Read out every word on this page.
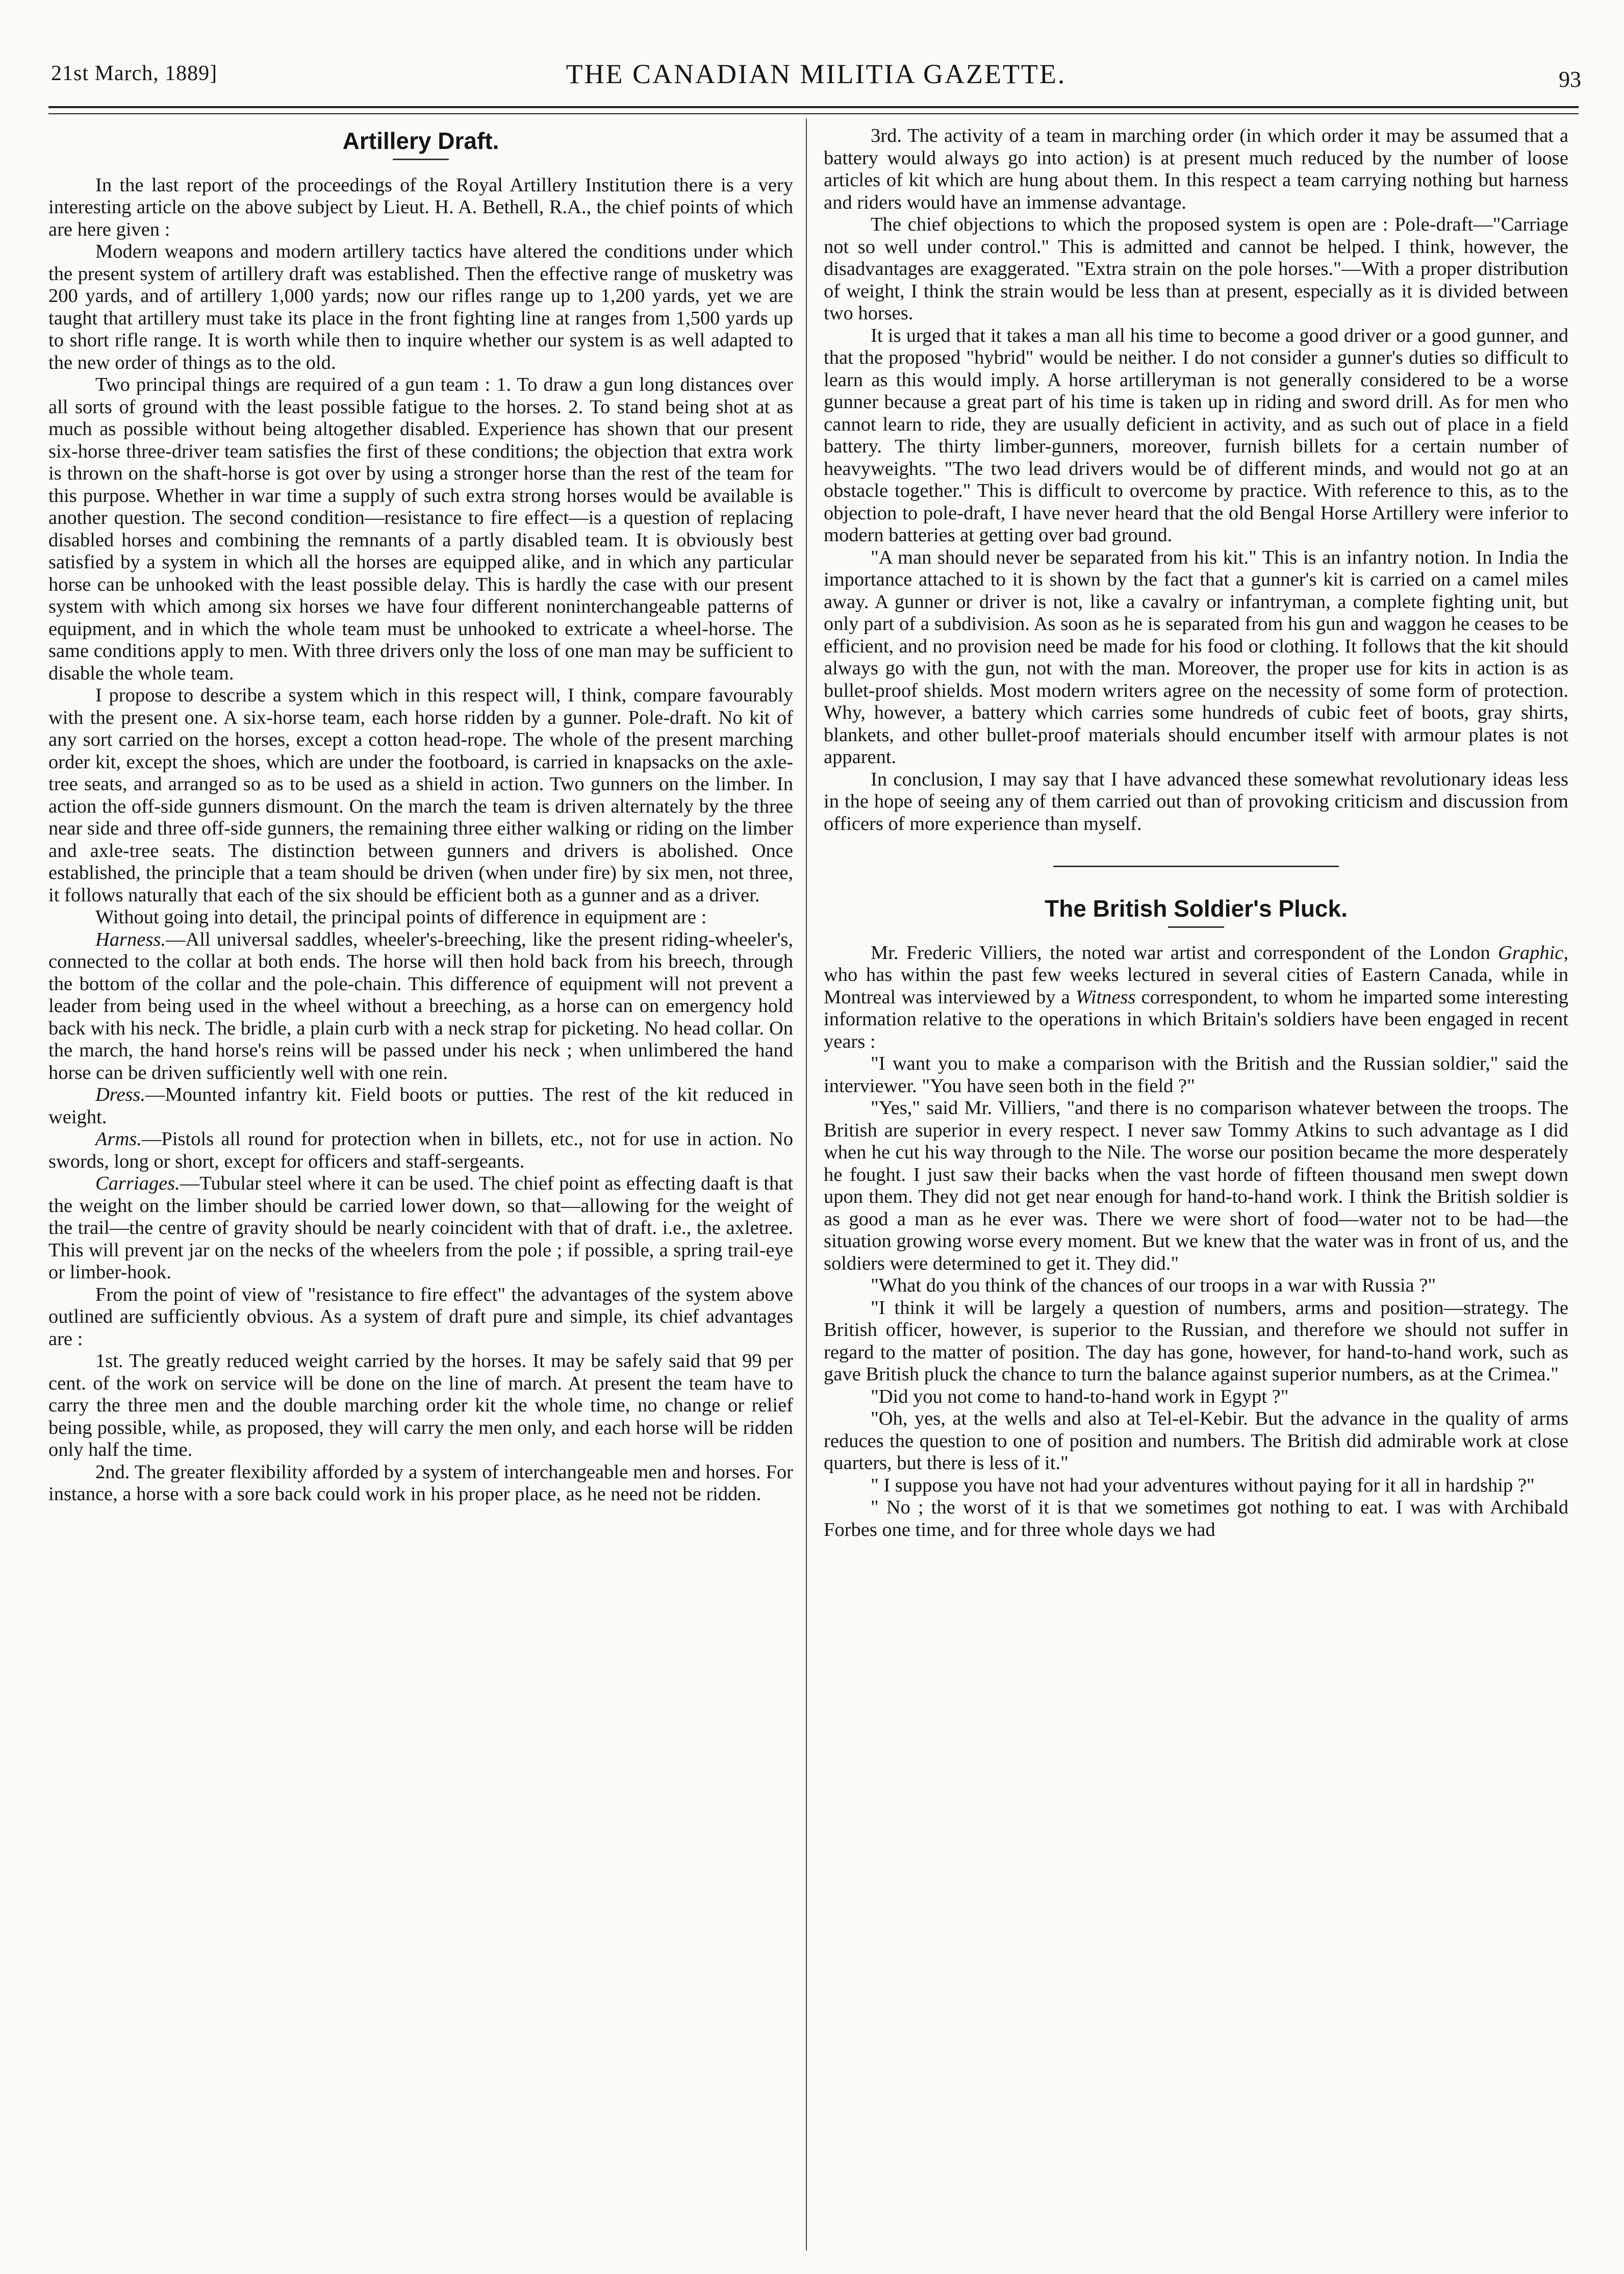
21st March, 1889]	THE CANADIAN MILITIA GAZETTE.	93
Artillery Draft.

In the last report of the proceedings of the Royal Artillery Institution there is a very interesting article on the above subject by Lieut. H. A. Bethell, R.A., the chief points of which are here given :

Modern weapons and modern artillery tactics have altered the conditions under which the present system of artillery draft was established. Then the effective range of musketry was 200 yards, and of artillery 1,000 yards; now our rifles range up to 1,200 yards, yet we are taught that artillery must take its place in the front fighting line at ranges from 1,500 yards up to short rifle range. It is worth while then to inquire whether our system is as well adapted to the new order of things as to the old.

Two principal things are required of a gun team : 1. To draw a gun long distances over all sorts of ground with the least possible fatigue to the horses. 2. To stand being shot at as much as possible without being altogether disabled. Experience has shown that our present six-horse three-driver team satisfies the first of these conditions; the objection that extra work is thrown on the shaft-horse is got over by using a stronger horse than the rest of the team for this purpose. Whether in war time a supply of such extra strong horses would be available is another question. The second condition—resistance to fire effect—is a question of replacing disabled horses and combining the remnants of a partly disabled team. It is obviously best satisfied by a system in which all the horses are equipped alike, and in which any particular horse can be unhooked with the least possible delay. This is hardly the case with our present system with which among six horses we have four different noninterchangeable patterns of equipment, and in which the whole team must be unhooked to extricate a wheel-horse. The same conditions apply to men. With three drivers only the loss of one man may be sufficient to disable the whole team.

I propose to describe a system which in this respect will, I think, compare favourably with the present one. A six-horse team, each horse ridden by a gunner. Pole-draft. No kit of any sort carried on the horses, except a cotton head-rope. The whole of the present marching order kit, except the shoes, which are under the footboard, is carried in knapsacks on the axle-tree seats, and arranged so as to be used as a shield in action. Two gunners on the limber. In action the off-side gunners dismount. On the march the team is driven alternately by the three near side and three off-side gunners, the remaining three either walking or riding on the limber and axle-tree seats. The distinction between gunners and drivers is abolished. Once established, the principle that a team should be driven (when under fire) by six men, not three, it follows naturally that each of the six should be efficient both as a gunner and as a driver.

Without going into detail, the principal points of difference in equipment are :

Harness.—All universal saddles, wheeler's-breeching, like the present riding-wheeler's, connected to the collar at both ends. The horse will then hold back from his breech, through the bottom of the collar and the pole-chain. This difference of equipment will not prevent a leader from being used in the wheel without a breeching, as a horse can on emergency hold back with his neck. The bridle, a plain curb with a neck strap for picketing. No head collar. On the march, the hand horse's reins will be passed under his neck ; when unlimbered the hand horse can be driven sufficiently well with one rein.

Dress.—Mounted infantry kit. Field boots or putties. The rest of the kit reduced in weight.

Arms.—Pistols all round for protection when in billets, etc., not for use in action. No swords, long or short, except for officers and staff-sergeants.

Carriages.—Tubular steel where it can be used. The chief point as effecting daaft is that the weight on the limber should be carried lower down, so that—allowing for the weight of the trail—the centre of gravity should be nearly coincident with that of draft. i.e., the axletree. This will prevent jar on the necks of the wheelers from the pole ; if possible, a spring trail-eye or limber-hook.

From the point of view of "resistance to fire effect" the advantages of the system above outlined are sufficiently obvious. As a system of draft pure and simple, its chief advantages are :

1st. The greatly reduced weight carried by the horses. It may be safely said that 99 per cent. of the work on service will be done on the line of march. At present the team have to carry the three men and the double marching order kit the whole time, no change or relief being possible, while, as proposed, they will carry the men only, and each horse will be ridden only half the time.

2nd. The greater flexibility afforded by a system of interchangeable men and horses. For instance, a horse with a sore back could work in his proper place, as he need not be ridden.

3rd. The activity of a team in marching order (in which order it may be assumed that a battery would always go into action) is at present much reduced by the number of loose articles of kit which are hung about them. In this respect a team carrying nothing but harness and riders would have an immense advantage.

The chief objections to which the proposed system is open are : Pole-draft—"Carriage not so well under control." This is admitted and cannot be helped. I think, however, the disadvantages are exaggerated. "Extra strain on the pole horses."—With a proper distribution of weight, I think the strain would be less than at present, especially as it is divided between two horses.

It is urged that it takes a man all his time to become a good driver or a good gunner, and that the proposed "hybrid" would be neither. I do not consider a gunner's duties so difficult to learn as this would imply. A horse artilleryman is not generally considered to be a worse gunner because a great part of his time is taken up in riding and sword drill. As for men who cannot learn to ride, they are usually deficient in activity, and as such out of place in a field battery. The thirty limber-gunners, moreover, furnish billets for a certain number of heavyweights. "The two lead drivers would be of different minds, and would not go at an obstacle together." This is difficult to overcome by practice. With reference to this, as to the objection to pole-draft, I have never heard that the old Bengal Horse Artillery were inferior to modern batteries at getting over bad ground.

"A man should never be separated from his kit." This is an infantry notion. In India the importance attached to it is shown by the fact that a gunner's kit is carried on a camel miles away. A gunner or driver is not, like a cavalry or infantryman, a complete fighting unit, but only part of a subdivision. As soon as he is separated from his gun and waggon he ceases to be efficient, and no provision need be made for his food or clothing. It follows that the kit should always go with the gun, not with the man. Moreover, the proper use for kits in action is as bullet-proof shields. Most modern writers agree on the necessity of some form of protection. Why, however, a battery which carries some hundreds of cubic feet of boots, gray shirts, blankets, and other bullet-proof materials should encumber itself with armour plates is not apparent.

In conclusion, I may say that I have advanced these somewhat revolutionary ideas less in the hope of seeing any of them carried out than of provoking criticism and discussion from officers of more experience than myself.

The British Soldier's Pluck.

Mr. Frederic Villiers, the noted war artist and correspondent of the London Graphic, who has within the past few weeks lectured in several cities of Eastern Canada, while in Montreal was interviewed by a Witness correspondent, to whom he imparted some interesting information relative to the operations in which Britain's soldiers have been engaged in recent years :

"I want you to make a comparison with the British and the Russian soldier," said the interviewer. "You have seen both in the field ?"

"Yes," said Mr. Villiers, "and there is no comparison whatever between the troops. The British are superior in every respect. I never saw Tommy Atkins to such advantage as I did when he cut his way through to the Nile. The worse our position became the more desperately he fought. I just saw their backs when the vast horde of fifteen thousand men swept down upon them. They did not get near enough for hand-to-hand work. I think the British soldier is as good a man as he ever was. There we were short of food—water not to be had—the situation growing worse every moment. But we knew that the water was in front of us, and the soldiers were determined to get it. They did."

"What do you think of the chances of our troops in a war with Russia ?"

"I think it will be largely a question of numbers, arms and position—strategy. The British officer, however, is superior to the Russian, and therefore we should not suffer in regard to the matter of position. The day has gone, however, for hand-to-hand work, such as gave British pluck the chance to turn the balance against superior numbers, as at the Crimea."

"Did you not come to hand-to-hand work in Egypt ?"

"Oh, yes, at the wells and also at Tel-el-Kebir. But the advance in the quality of arms reduces the question to one of position and numbers. The British did admirable work at close quarters, but there is less of it."

" I suppose you have not had your adventures without paying for it all in hardship ?"

" No ; the worst of it is that we sometimes got nothing to eat. I was with Archibald Forbes one time, and for three whole days we had
